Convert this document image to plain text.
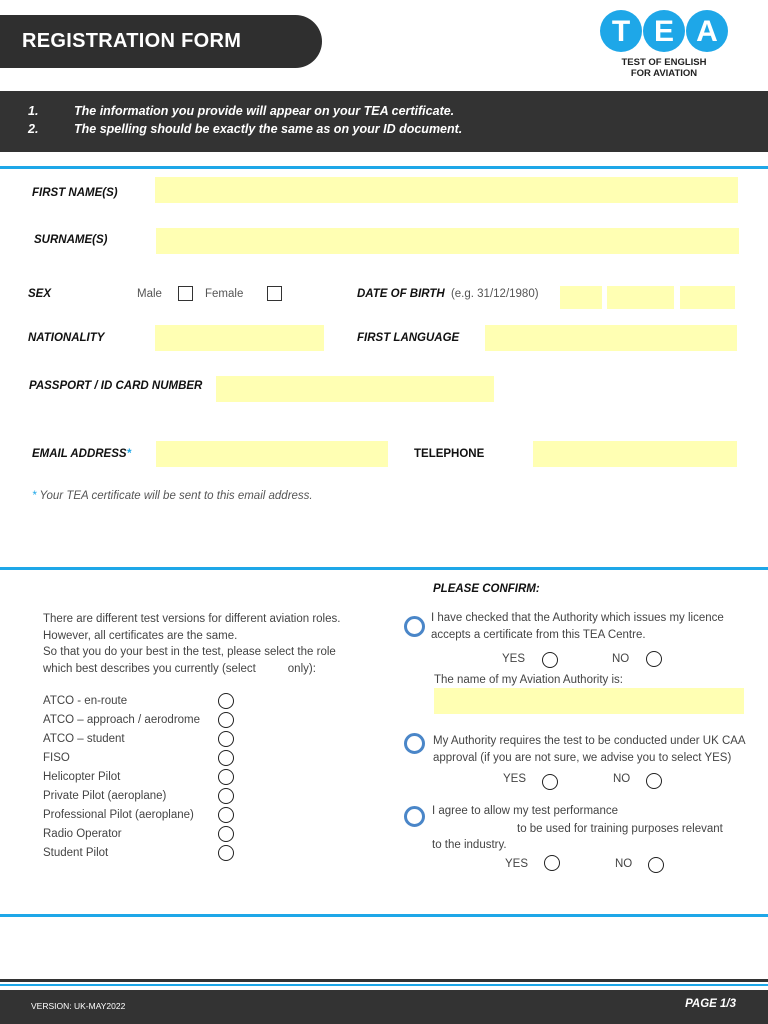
REGISTRATION FORM	T E A
TEST OF ENGLISH
FOR AVIATION
1.	The information you provide will appear on your TEA certificate.
2.	The spelling should be exactly the same as on your ID document.
FIRST NAME(S)
SURNAME(S)
SEX	Male	Female	DATE OF BIRTH (e.g. 31/12/1980)
NATIONALITY	FIRST LANGUAGE
PASSPORT / ID CARD NUMBER
EMAIL ADDRESS*	TELEPHONE
* Your TEA certificate will be sent to this email address.
There are different test versions for different aviation roles.
However, all certificates are the same.
So that you do your best in the test, please select the role
which best describes you currently (select          only):
ATCO - en-route
ATCO – approach / aerodrome
ATCO – student
FISO
Helicopter Pilot
Private Pilot (aeroplane)
Professional Pilot (aeroplane)
Radio Operator
Student Pilot
PLEASE CONFIRM:
I have checked that the Authority which issues my licence
accepts a certificate from this TEA Centre.
YES	NO
The name of my Aviation Authority is:
My Authority requires the test to be conducted under UK CAA
approval (if you are not sure, we advise you to select YES)
YES	NO
I agree to allow my test performance
to be used for training purposes relevant
to the industry.
YES	NO
VERSION: UK-MAY2022	PAGE 1/3
